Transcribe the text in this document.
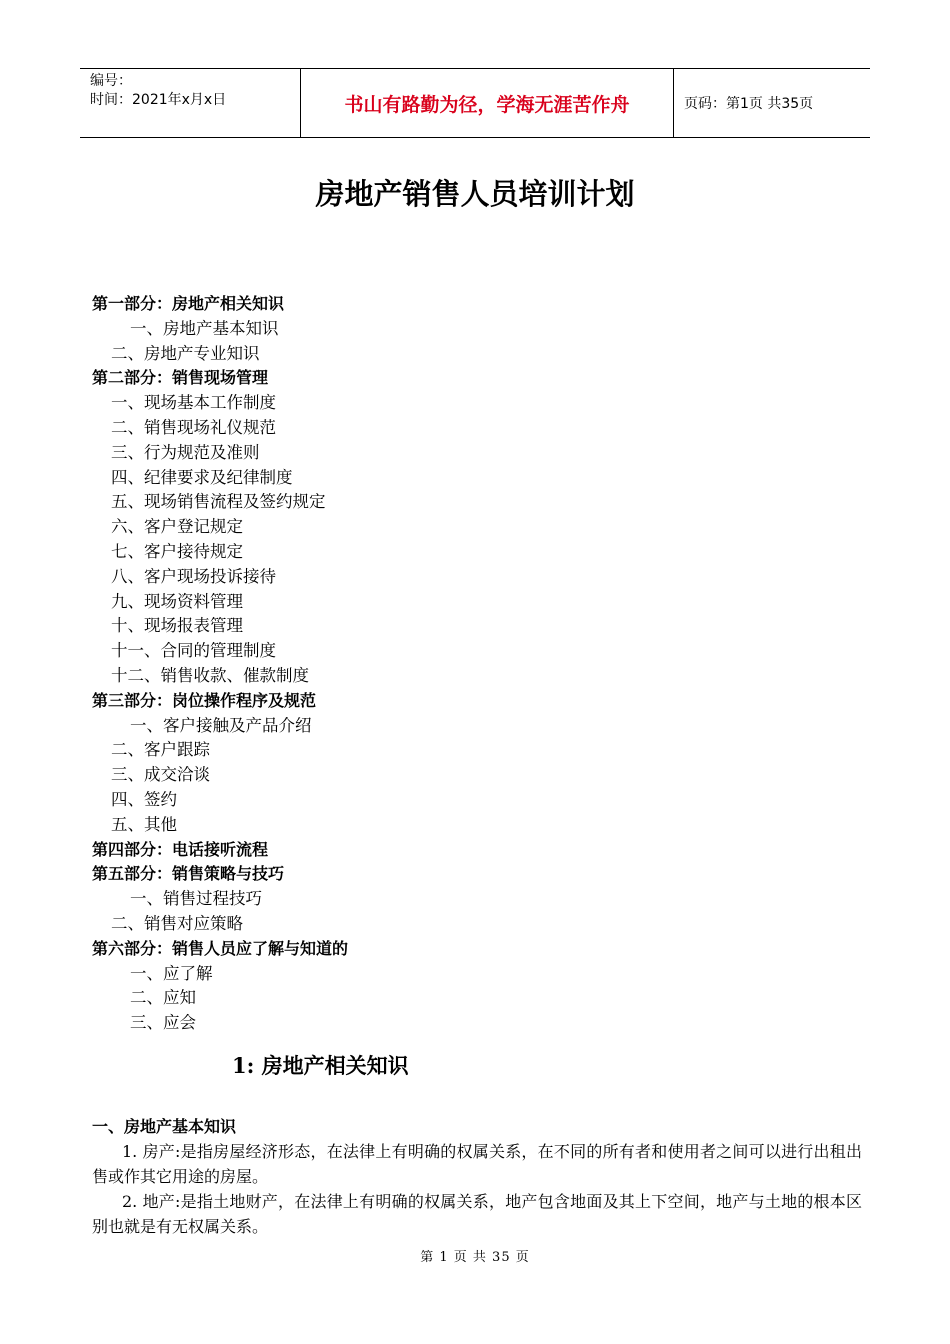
编号：
时间：2021年x月x日	书山有路勤为径，学海无涯苦作舟	页码：第1页 共35页
房地产销售人员培训计划
第一部分：房地产相关知识
一、房地产基本知识
二、房地产专业知识
第二部分：销售现场管理
一、现场基本工作制度
二、销售现场礼仪规范
三、行为规范及准则
四、纪律要求及纪律制度
五、现场销售流程及签约规定
六、客户登记规定
七、客户接待规定
八、客户现场投诉接待
九、现场资料管理
十、现场报表管理
十一、合同的管理制度
十二、销售收款、催款制度
第三部分：岗位操作程序及规范
一、客户接触及产品介绍
二、客户跟踪
三、成交洽谈
四、签约
五、其他
第四部分：电话接听流程
第五部分：销售策略与技巧
一、销售过程技巧
二、销售对应策略
第六部分：销售人员应了解与知道的
一、应了解
二、应知
三、应会
1: 房地产相关知识
一、房地产基本知识
1. 房产:是指房屋经济形态，在法律上有明确的权属关系，在不同的所有者和使用者之间可以进行出租出售或作其它用途的房屋。
2. 地产:是指土地财产，在法律上有明确的权属关系，地产包含地面及其上下空间，地产与土地的根本区别也就是有无权属关系。
第 1 页 共 35 页
